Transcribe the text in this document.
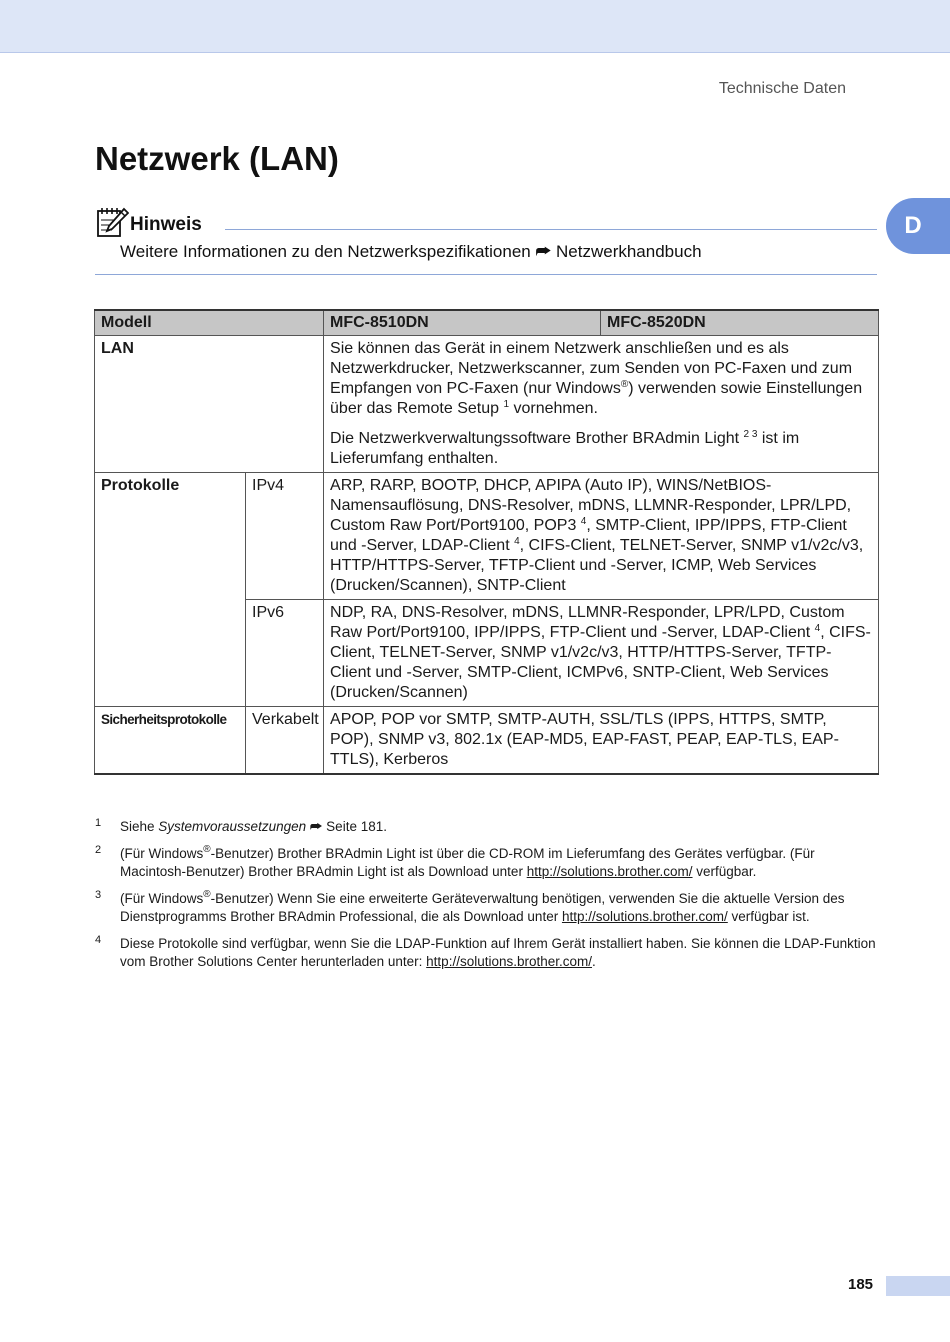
Technische Daten
Netzwerk (LAN)
D
Hinweis
Weitere Informationen zu den Netzwerkspezifikationen ⮫ Netzwerkhandbuch
Modell		MFC-8510DN	MFC-8520DN
LAN		Sie können das Gerät in einem Netzwerk anschließen und es als Netzwerkdrucker, Netzwerkscanner, zum Senden von PC-Faxen und zum Empfangen von PC-Faxen (nur Windows®) verwenden sowie Einstellungen über das Remote Setup $^1$ vornehmen.
Die Netzwerkverwaltungssoftware Brother BRAdmin Light $^{2 3}$ ist im Lieferumfang enthalten.	

Protokolle	IPv4	ARP, RARP, BOOTP, DHCP, APIPA (Auto IP), WINS/NetBIOS-Namensauflösung, DNS-Resolver, mDNS, LLMNR-Responder, LPR/LPD, Custom Raw Port/Port9100, POP3 $^4$, SMTP-Client, IPP/IPPS, FTP-Client und -Server, LDAP-Client $^4$, CIFS-Client, TELNET-Server, SNMP v1/v2c/v3, HTTP/HTTPS-Server, TFTP-Client und -Server, ICMP, Web Services (Drucken/Scannen), SNTP-Client	
	IPv6	NDP, RA, DNS-Resolver, mDNS, LLMNR-Responder, LPR/LPD, Custom Raw Port/Port9100, IPP/IPPS, FTP-Client und -Server, LDAP-Client $^4$, CIFS-Client, TELNET-Server, SNMP v1/v2c/v3, HTTP/HTTPS-Server, TFTP-Client und -Server, SMTP-Client, ICMPv6, SNTP-Client, Web Services (Drucken/Scannen)	
Sicherheitsprotokolle	Verkabelt	APOP, POP vor SMTP, SMTP-AUTH, SSL/TLS (IPPS, HTTPS, SMTP, POP), SNMP v3, 802.1x (EAP-MD5, EAP-FAST, PEAP, EAP-TLS, EAP-TTLS), Kerberos	
1 Siehe Systemvoraussetzungen ⮫ Seite 181.
2 (Für Windows®-Benutzer) Brother BRAdmin Light ist über die CD-ROM im Lieferumfang des Gerätes verfügbar. (Für Macintosh-Benutzer) Brother BRAdmin Light ist als Download unter http://solutions.brother.com/ verfügbar.
3 (Für Windows®-Benutzer) Wenn Sie eine erweiterte Geräteverwaltung benötigen, verwenden Sie die aktuelle Version des Dienstprogramms Brother BRAdmin Professional, die als Download unter http://solutions.brother.com/ verfügbar ist.
4 Diese Protokolle sind verfügbar, wenn Sie die LDAP-Funktion auf Ihrem Gerät installiert haben. Sie können die LDAP-Funktion vom Brother Solutions Center herunterladen unter: http://solutions.brother.com/.
185
